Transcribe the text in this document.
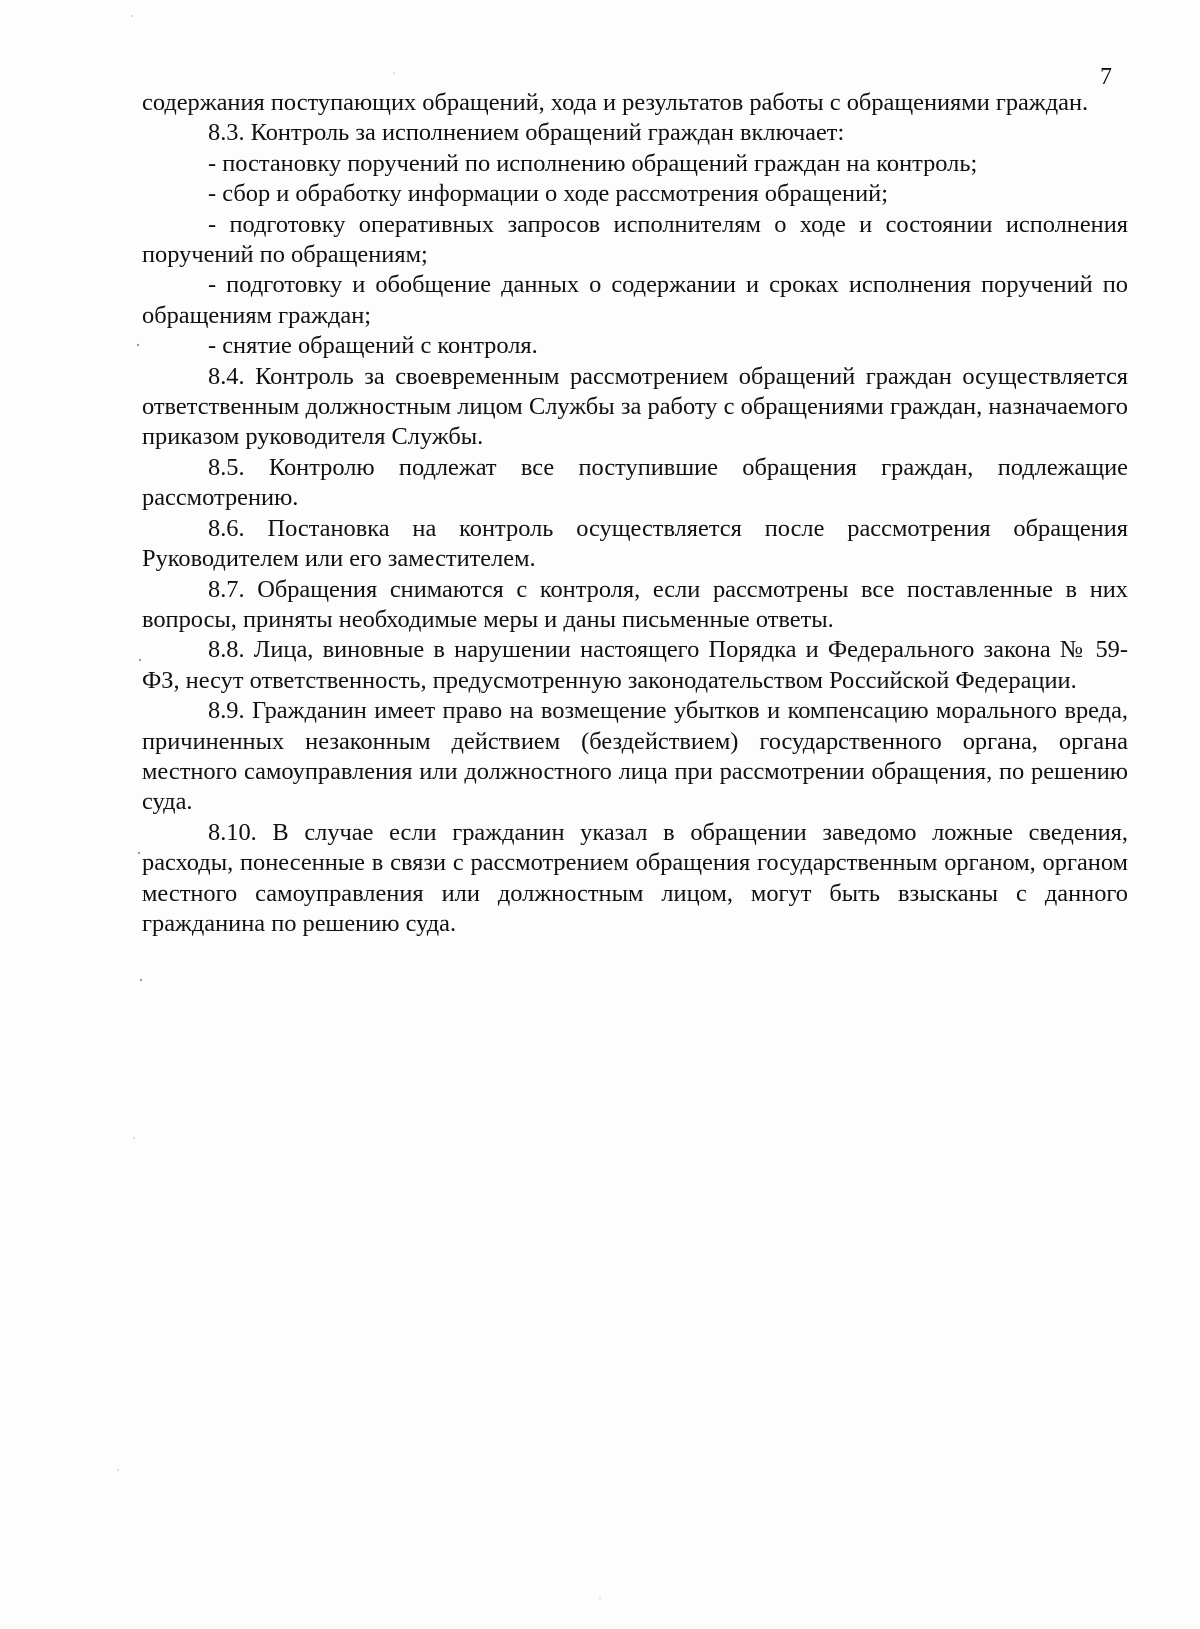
7

содержания поступающих обращений, хода и результатов работы с обращениями граждан.

8.3. Контроль за исполнением обращений граждан включает:

- постановку поручений по исполнению обращений граждан на контроль;

- сбор и обработку информации о ходе рассмотрения обращений;

- подготовку оперативных запросов исполнителям о ходе и состоянии исполнения поручений по обращениям;

- подготовку и обобщение данных о содержании и сроках исполнения поручений по обращениям граждан;

- снятие обращений с контроля.

8.4. Контроль за своевременным рассмотрением обращений граждан осуществляется ответственным должностным лицом Службы за работу с обращениями граждан, назначаемого приказом руководителя Службы.

8.5. Контролю подлежат все поступившие обращения граждан, подлежащие рассмотрению.

8.6. Постановка на контроль осуществляется после рассмотрения обращения Руководителем или его заместителем.

8.7. Обращения снимаются с контроля, если рассмотрены все поставленные в них вопросы, приняты необходимые меры и даны письменные ответы.

8.8. Лица, виновные в нарушении настоящего Порядка и Федерального закона № 59-ФЗ, несут ответственность, предусмотренную законодательством Российской Федерации.

8.9. Гражданин имеет право на возмещение убытков и компенсацию морального вреда, причиненных незаконным действием (бездействием) государственного органа, органа местного самоуправления или должностного лица при рассмотрении обращения, по решению суда.

8.10. В случае если гражданин указал в обращении заведомо ложные сведения, расходы, понесенные в связи с рассмотрением обращения государственным органом, органом местного самоуправления или должностным лицом, могут быть взысканы с данного гражданина по решению суда.
